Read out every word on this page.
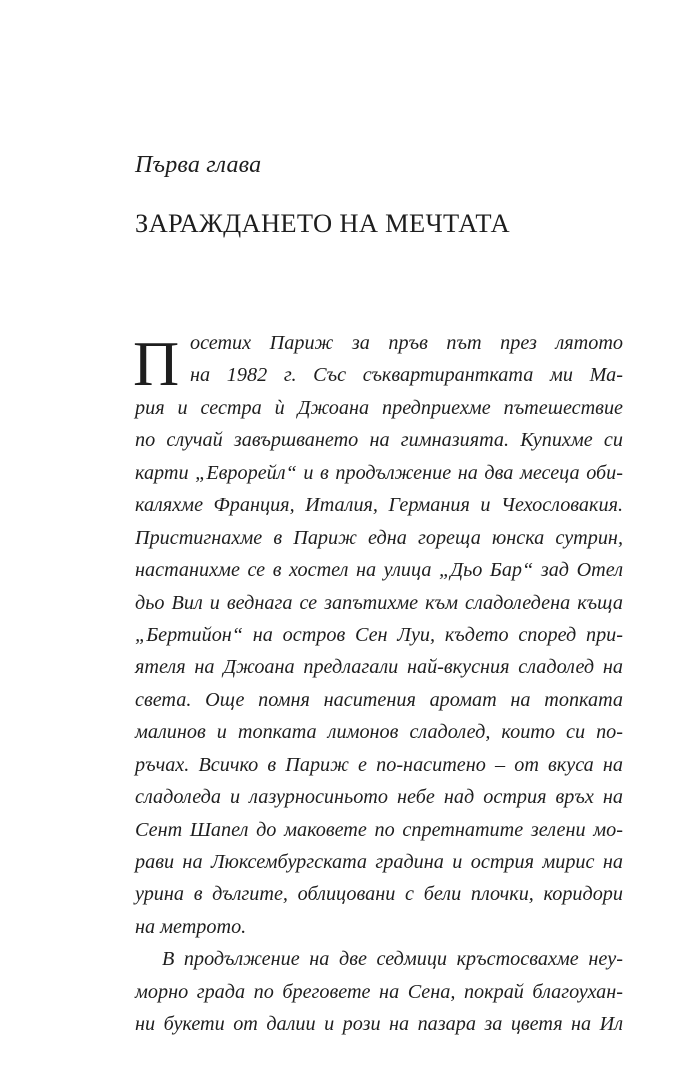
Първа глава
ЗАРАЖДАНЕТО НА МЕЧТАТА
П осетих Париж за пръв път през лятото
на 1982 г. Със съквартирантката ми Ма-
рия и сестра ѝ Джоана предприехме пътешествие
по случай завършването на гимназията. Купихме си
карти „Еврорейл“ и в продължение на два месеца оби-
каляхме Франция, Италия, Германия и Чехословакия.
Пристигнахме в Париж една гореща юнска сутрин,
настанихме се в хостел на улица „Дьо Бар“ зад Отел
дьо Вил и веднага се запътихме към сладоледена къща
„Бертийон“ на остров Сен Луи, където според при-
ятеля на Джоана предлагали най-вкусния сладолед на
света. Още помня наситения аромат на топката
малинов и топката лимонов сладолед, които си по-
ръчах. Всичко в Париж е по-наситено – от вкуса на
сладоледа и лазурносиньото небе над острия връх на
Сент Шапел до маковете по спретнатите зелени мо-
рави на Люксембургската градина и острия мирис на
урина в дългите, облицовани с бели плочки, коридори
на метрото.
В продължение на две седмици кръстосвахме неу-
морно града по бреговете на Сена, покрай благоухан-
ни букети от далии и рози на пазара за цветя на Ил
